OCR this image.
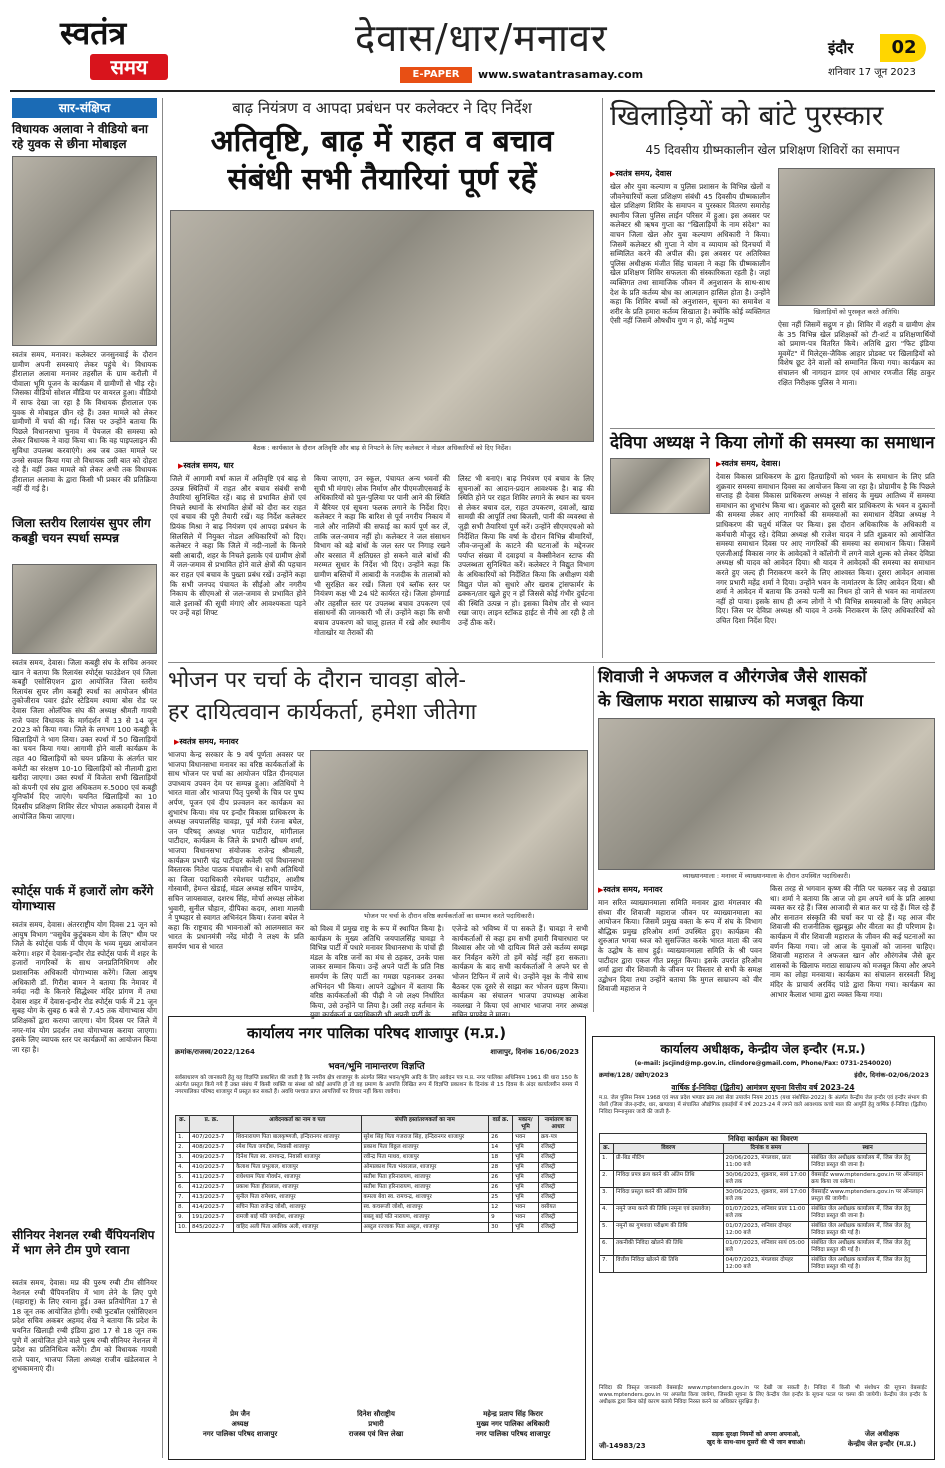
स्वतंत्र
समय
देवास/धार/मनावर
E-PAPER	www.swatantrasamay.com
इंदौर	02
शनिवार 17 जून 2023
सार-संक्षिप्त
विधायक अलावा ने वीडियो बना रहे युवक से छीना मोबाइल
स्वतंत्र समय, मनावर। कलेक्टर जनसुनवाई के दौरान ग्रामीण अपनी समस्याएं लेकर पहुंचे थे। विधायक हीरालाल अलावा मनावर तहसील के ग्राम करौली में पीवाला भूमि पूजन के कार्यक्रम में ग्रामीणों से भीड़ रहे। जिसका वीडियो सोशल मीडिया पर वायरल हुआ। वीडियो में साफ देखा जा रहा है कि विधायक हीरालाल एक युवक से मोबाइल छीन रहे हैं। उक्त मामले को लेकर ग्रामीणों में चर्चा की गई। जिस पर उन्होंने बताया कि पिछले विधानसभा चुनाव में पेयजल की समस्या को लेकर विधायक ने वादा किया था। कि वह पाइपलाइन की सुविधा उपलब्ध करवाएंगे। अब जब उक्त मामले पर उनसे सवाल किया गया तो विधायक उसी बात को दोहरा रहे हैं। वहीं उक्त मामले को लेकर अभी तक विधायक हीरालाल अलावा के द्वारा किसी भी प्रकार की प्रतिक्रिया नहीं दी गई है।
जिला स्तरीय रिलायंस सुपर लीग कबड्डी चयन स्पर्धा सम्पन्न
स्वतंत्र समय, देवास। जिला कबड्डी संघ के सचिव अनवर खान ने बताया कि रिलायंस स्पोर्ट्स फाउंडेशन एवं जिला कबड्डी एसोसिएशन द्वारा आयोजित जिला स्तरीय रिलायंस सुपर लीग कबड्डी स्पर्धा का आयोजन श्रीमंत तुकोजीराव पवार इंडोर स्टेडियम श्यामा बोस रोड पर देवास जिला ओलंपिक संघ की अध्यक्ष श्रीमती गायत्री राजे पवार विधायक के मार्गदर्शन में 13 से 14 जून 2023 को किया गया। जिले के लगभग 100 कबड्डी के खिलाड़ियों ने भाग लिया। उक्त स्पर्धा में 50 खिलाड़ियों का चयन किया गया। आगामी होने वाली कार्यक्रम के तहत 40 खिलाड़ियों को चयन प्रक्रिया के अंतर्गत चार कमेटी का संरक्षण 10-10 खिलाड़ियों को नीलामी द्वारा खरीदा जाएगा। उक्त स्पर्धा में विजेता सभी खिलाड़ियों को कंपनी एवं संघ द्वारा अधिकतम रु.5000 एवं कबड्डी यूनिफॉर्म दिए जाएंगे। चयनित खिलाड़ियों का 10 दिवसीय प्रशिक्षण शिविर सेंटर भोपाल अकादमी देवास में आयोजित किया जाएगा।
स्पोर्ट्स पार्क में हजारों लोग करेंगे योगाभ्यास
स्वतंत्र समय, देवास। अंतरराष्ट्रीय योग दिवस 21 जून को आयुष विभाग "वसुधैव कुटुंबकम योग के लिए" थीम पर जिले के स्पोर्ट्स पार्क में पीएम के भव्य मुख्य आयोजन करेगा। शहर में देवास-इन्दौर रोड स्पोर्ट्स पार्क में शहर के हजारों नागरिकों के साथ जनप्रतिनिधिगण और प्रशासनिक अधिकारी योगाभ्यास करेंगे। जिला आयुष अधिकारी डॉ. गिरीश बामन ने बताया कि नेमावर में नर्मदा नदी के किनारे सिद्धेश्वर मंदिर प्रांगण में तथा देवास शहर में देवास-इन्दौर रोड स्पोर्ट्स पार्क में 21 जून सुबह योग के सुबह 6 बजे से 7.45 तक योगाभ्यास योग प्रशिक्षकों द्वारा कराया जाएगा। योग दिवस पर जिले में नगर-गांव योग प्रदर्शन तथा योगाभ्यास कराया जाएगा। इसके लिए व्यापक स्तर पर कार्यक्रमों का आयोजन किया जा रहा है।
सीनियर नेशनल रग्बी चैंपियनशिप में भाग लेने टीम पुणे रवाना
स्वतंत्र समय, देवास। मप्र की पुरुष रग्बी टीम सीनियर नेशनल रग्बी चैंपियनशिप में भाग लेने के लिए पुणे (महाराष्ट्र) के लिए रवाना हुई। उक्त प्रतियोगिता 17 से 18 जून तक आयोजित होगी। रग्बी फुटबॉल एसोसिएशन प्रदेश सचिव अकबर अहमद शेख ने बताया कि प्रदेश के चयनित खिलाड़ी रग्बी इंडिया द्वारा 17 से 18 जून तक पुणे में आयोजित होने वाले पुरुष रग्बी सीनियर नेशनल में प्रदेश का प्रतिनिधित्व करेंगे। टीम को विधायक गायत्री राजे पवार, भाजपा जिला अध्यक्ष राजीव खंडेलवाल ने शुभकामनाएं दी।
बाढ़ नियंत्रण व आपदा प्रबंधन पर कलेक्टर ने दिए निर्देश
अतिवृष्टि, बाढ़ में राहत व बचाव
संबंधी सभी तैयारियां पूर्ण रहें
बैठक : कार्यकाल के दौरान अतिवृष्टि और बाढ़ से निपटने के लिए कलेक्टर ने नोडल अधिकारियों को दिए निर्देश।
▶ स्वतंत्र समय, धार
जिले में आगामी वर्षा काल में अतिवृष्टि एवं बाढ़ से उत्पन्न स्थितियों में राहत और बचाव संबंधी सभी तैयारियां सुनिश्चित रहें। बाढ़ से प्रभावित क्षेत्रों एवं निचले स्थानों के संभावित क्षेत्रों को दौरा कर राहत एवं बचाव की पूरी तैयारी रखें। यह निर्देश कलेक्टर प्रियंक मिश्रा ने बाढ़ नियंत्रण एवं आपदा प्रबंधन के सिलसिले में नियुक्त नोडल अधिकारियों को दिए। कलेक्टर ने कहा कि जिले में नदी-नालों के किनारे बसी आबादी, शहर के निचले इलाके एवं ग्रामीण क्षेत्रों में जल-जमाव से प्रभावित होने वाले क्षेत्रों की पहचान कर राहत एवं बचाव के पुख्ता प्रबंध रखें। उन्होंने कहा कि सभी जनपद पंचायत के सीईओ और नगरीय निकाय के सीएमओ से जल-जमाव से प्रभावित होने वाले इलाकों की सूची मंगाएं और आवश्यकता पड़ने पर उन्हें वहां शिफ्ट
किया जाएगा, उन स्कूल, पंचायत अन्य भवनों की सूची भी मंगाएं। लोक निर्माण और पीएमजीएसवाई के अधिकारियों को पुल-पुलिया पर पानी आने की स्थिति में बैरियर एवं सूचना फलक लगाने के निर्देश दिए। कलेक्टर ने कहा कि बारिश से पूर्व नगरीय निकाय में नाले और नालियों की सफाई का कार्य पूर्ण कर लें, ताकि जल-जमाव नहीं हो। कलेक्टर ने जल संसाधन विभाग को बड़े बांधों के जल स्तर पर निगाह रखने और बरसात में क्षतिग्रस्त हो सकने वाले बांधों की मरम्मत सुधार के निर्देश भी दिए। उन्होंने कहा कि ग्रामीण बस्तियों में आबादी के नजदीक के तालाबों को भी सुरक्षित कर रखें। जिला एवं ब्लॉक स्तर पर नियंत्रण कक्ष भी 24 घंटे कार्यरत रहे। जिला होमगार्ड और तहसील स्तर पर उपलब्ध बचाव उपकरण एवं संसाधनों की जानकारी भी लें। उन्होंने कहा कि सभी बचाव उपकरण को चालू हालत में रखे और स्थानीय गोताखोर या तैराकों की
लिस्ट भी बनाएं। बाढ़ नियंत्रण एवं बचाव के लिए सूचनाओं का आदान-प्रदान आवश्यक है। बाढ़ की स्थिति होने पर राहत शिविर लगाने के स्थान का चयन से लेकर बचाव दल, राहत उपकरण, दवाओं, खाद्य सामग्री की आपूर्ति तथा बिजली, पानी की व्यवस्था से जुड़ी सभी तैयारियां पूर्ण करें। उन्होंने सीएमएचओ को निर्देशित किया कि वर्षा के दौरान विभिन्न बीमारियों, जीव-जन्तुओं के काटने की घटनाओं के मद्देनजर पर्याप्त संख्या में दवाइयां व वैक्सीनेशन स्टाफ की उपलब्धता सुनिश्चित करें। कलेक्टर ने विद्युत विभाग के अधिकारियों को निर्देशित किया कि अधीक्षण यंत्री विद्युत पोल को सुधारे और खराब ट्रांसफार्मर के ढक्कन/तार खुले हुए न हों जिससे कोई गंभीर दुर्घटना की स्थिति उत्पन्न न हो। इसका विशेष तौर से ध्यान रखा जाए। लाइन स्टॉकड हाईट से नीचे आ रही है तो उन्हें ठीक करें।
खिलाड़ियों को बांटे पुरस्कार
45 दिवसीय ग्रीष्मकालीन खेल प्रशिक्षण शिविरों का समापन
▶ स्वतंत्र समय, देवास
खेल और युवा कल्याण व पुलिस प्रशासन के विभिन्न खेलों व जीवनेचारियों कला प्रशिक्षण संबंधी 45 दिवसीय ग्रीष्मकालीन खेल प्रशिक्षण शिविर के समापन व पुरस्कार वितरण समारोह स्थानीय जिला पुलिस लाईन परिसर में हुआ। इस अवसर पर कलेक्टर श्री ऋषव गुप्ता का "खिलाड़ियों के नाम संदेश" का वाचन जिला खेल और युवा कल्याण अधिकारी ने किया। जिसमें कलेक्टर श्री गुप्ता ने योग व व्यायाम को दिनचर्या में सम्मिलित करने की अपील की। इस अवसर पर अतिरिक्त पुलिस अधीक्षक मंजीत सिंह चावला ने कहा कि ग्रीष्मकालीन खेल प्रशिक्षण शिविर सफलता की संस्कारिकता रहती है। जहां व्यक्तिगत तथा सामाजिक जीवन में अनुशासन के साथ-साथ देश के प्रति कर्तव्य बोध का आत्मज्ञान हासिल होता है। उन्होंने कहा कि शिविर बच्चों को अनुशासन, सूचना का समावेश व शरीर के प्रति हमारा कर्तव्य सिखाता है। क्योंकि कोई व्यक्तिगत ऐसी नहीं जिसमें औषधीय गुण न हो, कोई मनुष्य
खिलाड़ियों को पुरस्कृत करते अतिथि।
ऐसा नहीं जिसमें सद्गुण न हो। शिविर में शहरी व ग्रामीण क्षेत्र के 35 विभिन्न खेल प्रशिक्षकों को टी-शर्ट व प्रशिक्षणार्थियों को प्रमाण-पत्र वितरित किये। अतिथि द्वारा "फिट इंडिया मूवमेंट" में मिलेट्स-जैविक आहार प्रोडक्ट पर खिलाड़ियों को विशेष छूट देने वालों को सम्मानित किया गया। कार्यक्रम का संचालन श्री नागदान डागर एवं आभार रणजीत सिंह ठाकुर रक्षित निरीक्षक पुलिस ने माना।
देविपा अध्यक्ष ने किया लोगों की समस्या का समाधान
▶ स्वतंत्र समय, देवास।
देवास विकास प्राधिकरण के द्वारा हितग्राहियों को भवन के समाधान के लिए प्रति शुक्रवार समस्या समाधान दिवस का आयोजन किया जा रहा है। प्रोग्रामीय है कि पिछले सप्ताह ही देवास विकास प्राधिकरण अध्यक्ष ने सांसद के मुख्य आतिथ्य में समस्या समाधान का शुभारंभ किया था। शुक्रवार को दूसरी बार प्राधिकरण के भवन व दुकानों की समस्या लेकर आए नागरिकों की समस्याओं का समाधान देविप्रा अध्यक्ष ने प्राधिकरण की चतुर्थ मंजिल पर किया। इस दौरान अधिकारिक के अधिकारी व कर्मचारी मौजूद रहे। देविप्रा अध्यक्ष श्री राजेश यादव ने प्रति शुक्रवार को आयोजित समस्या समाधान दिवस पर आए नागरिकों की समस्या का समाधान किया। जिसमें एलजीआई विकास नगर के आवेदकों ने कॉलोनी में लगने वाले शुल्क को लेकर देविप्रा अध्यक्ष श्री यादव को आवेदन दिया। श्री यादव ने आवेदकों की समस्या का समाधान करते हुए जल्द ही निराकरण करने के लिए आश्वस्त किया। दूसरा आवेदन आवास नगर प्रभारी महेंद्र शर्मा ने दिया। उन्होंने भवन के नामांतरण के लिए आवेदन दिया। श्री शर्मा ने आवेदन में बताया कि उनको पत्नी का निधन हो जाने से भवन का नामांतरण नहीं हो पाया। इसके साथ ही अन्य लोगों ने भी विभिन्न समस्याओं के लिए आवेदन दिए। जिस पर देविप्रा अध्यक्ष श्री यादव ने उनके निराकरण के लिए अधिकारियों को उचित दिशा निर्देश दिए।
भोजन पर चर्चा के दौरान चावड़ा बोले-
हर दायित्ववान कार्यकर्ता, हमेशा जीतेगा
▶ स्वतंत्र समय, मनावर
भाजपा केन्द्र सरकार के 9 वर्ष पूर्णता अवसर पर भाजपा विधानसभा मनावर का वरिष्ठ कार्यकर्ताओं के साथ भोजन पर चर्चा का आयोजन पंडित दीनदयाल उपाध्याय उपवन देम पर सम्पन्न हुआ। अतिथियों ने भारत माता और भाजपा पितृ पुरुषों के चित्र पर पुष्प अर्पण, पूजन एवं दीप प्रज्वलन कर कार्यक्रम का शुभारंभ किया। मंच पर इन्दौर विकास प्राधिकरण के अध्यक्ष जयपालसिंह चावड़ा, पूर्व मंत्री रंजना बघेल, जन परिषद् अध्यक्ष भगत पाटीदार, मांगीलाल पाटीदार, कार्यक्रम के जिले के प्रभारी खीचम शर्मा, भाजपा विधानसभा संयोजक राजेन्द्र श्रीमाली, कार्यक्रम प्रभारी चंद्र पाटीदार कवेली एवं विधानसभा विस्तारक नितेश पाठक मंचासीन थे। सभी अतिथियों का जिला पदाधिकारी रमेशचर पाटीदार, आशीष गोस्वामी, हेमन्त खेडाई, मंडल अध्यक्ष सचिन पाण्डेय, सचिन जायसवाल, दशरथ सिंह, मोर्चा अध्यक्ष लोकेश भुवारी, सुनील चौहान, दीपिका कदम, आशा मालवी ने पुष्पहार से स्वागत अभिनंदन किया। रंजना बघेल ने कहा कि राष्ट्रवाद की भावनाओं को आलमसात कर भारत के प्रधानमंत्री नरेंद्र मोदी ने लक्ष्य के प्रति समर्पण भाव से भारत
भोजन पर चर्चा के दौरान वरिष्ठ कार्यकर्ताओं का सम्मान करते पदाधिकारी।
को विश्व में प्रमुख राष्ट्र के रूप में स्थापित किया है। कार्यक्रम के मुख्य अतिथि जयपालसिंह चावड़ा ने विभिन्न पार्टी में पधारे मनावर विधानसभा के पांचों ही मंडल के वरिष्ठ जनों का मंच से ठहकर, उनके पास जाकर सम्मान किया। उन्हें अपने पार्टी के प्रति निष्ठ समर्पण के लिए पार्टी का गमछा पहनाकर उनका अभिनंदन भी किया। आपने उद्बोधन में बताया कि वरिष्ठ कार्यकर्ताओं की पीढ़ी ने जो लक्ष्य निर्धारित किया, उसे उन्होंने पा लिया है। उसी तरह वर्तमान के युवा कार्यकर्ता व पदाधिकारी भी अपनी पार्टी के
एजेन्डे को भविष्य में पा सकते हैं। चावड़ा ने सभी कार्यकर्ताओं से कहा हम सभी हमारी विचारधारा पर विश्वास और जो भी दायित्व मिले उसे कर्तव्य समझ कर निर्वहन करेंगे तो हमें कोई नहीं हरा सकता। कार्यक्रम के बाद सभी कार्यकर्ताओं ने अपने घर से भोजन टिफिन में लाये थे। उन्होंने वृक्ष के नीचे साथ बैठकर एक दूसरे से साझा कर भोजन ग्रहण किया। कार्यक्रम का संचालन भाजपा उपाध्यक्ष आकेश नवलखा ने किया एवं आभार भाजपा नगर अध्यक्ष सचिन पाण्डेय ने माना।
शिवाजी ने अफजल व औरंगजेब जैसे शासकों
के खिलाफ मराठा साम्राज्य को मजबूत किया
व्याख्यानमाला : मनावर में व्याख्यानमाला के दौरान उपस्थित पदाधिकारी।
▶ स्वतंत्र समय, मनावर
मान सरित व्याख्यानमाला समिति मनावर द्वारा मंगलवार की संध्या वीर शिवाजी महाराज जीवन पर व्याख्यानमाला का आयोजन किया। जिसमें प्रमुख वक्ता के रूप में संघ के विभाग बौद्धिक प्रमुख हरिओम शर्मा उपस्थित हुए। कार्यक्रम की शुरुआत भगवा ध्वज को सुसज्जित करके भारत माता की जय के उद्घोष के साथ हुई। व्याख्यानमाला समिति के श्री पवन पाटीदार द्वारा एकल गीत प्रस्तुत किया। इसके उपरांत हरिओम शर्मा द्वारा वीर शिवाजी के जीवन पर विस्तार से सभी के समक्ष उद्बोधन दिया तथा उन्होंने बताया कि मुगल साम्राज्य को वीर शिवाजी महाराज ने
किस तरह से भगवान कृष्ण की नीति पर चलकर जड़ से उखाड़ा था। शर्मा ने बताया कि आज जो हम अपने धर्म के प्रति आस्था व्यक्त कर रहे हैं। जिस आजादी से बात कर पा रहे हैं। मिल रहे हैं और सनातन संस्कृति की चर्चा कर पा रहे हैं। यह आज वीर शिवाजी की राजनीतिक सूझबूझ और वीरता का ही परिणाम है। कार्यक्रम में वीर शिवाजी महाराज के जीवन की कई घटनाओं का वर्णन किया गया। जो आज के युवाओं को जानना चाहिए। शिवाजी महाराज ने अफजल खान और औरंगजेब जैसे क्रूर शासकों के खिलाफ मराठा साम्राज्य को मजबूत किया और अपने नाम का लोहा मनवाया। कार्यक्रम का संचालन सरस्वती शिशु मंदिर के प्राचार्य अरविंद पांडे द्वारा किया गया। कार्यक्रम का आभार कैलाश भामा द्वारा व्यक्त किया गया।
कार्यालय नगर पालिका परिषद शाजापुर (म.प्र.)
क्रमांक/राजस्व/2022/1264	शाजापुर, दिनांक 16/06/2023
भवन/भूमि नामान्तरण विज्ञप्ति
सर्वसाधारण को जानकारी हेतु यह विज्ञप्ति प्रकाशित की जाती है कि नगरीय क्षेत्र शाजापुर के अंतर्गत स्थित भवन/भूमि आदि के लिए आवेदन पत्र म.प्र. नगर पालिका अधिनियम 1961 की धारा 150 के अंतर्गत प्रस्तुत किये गये हैं उक्त संबंध में किसी व्यक्ति या संस्था को कोई आपत्ति हो तो वह प्रमाण के आपत्ति लिखित रूप में विज्ञप्ति प्रकाशन के दिनांक से 15 दिवस के अंदर कार्यालयीन समय में नगरपालिका परिषद शाजापुर में प्रस्तुत कर सकते हैं। अवधि पश्चात प्राप्त आपत्तियों पर विचार नहीं किया जावेगा।
क्र.	प्र. क्र.	आवेदनकर्ता का नाम व पता	संपत्ति हस्तांतरणकर्ता का नाम	वार्ड क्र.	मकान/भूमि	नामांतरण का आधार
1.	407/2023-7	शिवनारायण पिता बालकृष्णजी, इन्दिरानगर शाजापुर	सुरेश सिंह पिता गजराज सिंह, इन्दिरानगर शाजापुर	26	भवन	क्रय-पत्र
2.	408/2023-7	रमेश पिता जगदीश, निवासी शाजापुर	प्रकाश पिता विठ्ठल शाजापुर	14	भूमि	रजिस्ट्री
3.	409/2023-7	दिनेश पिता स्व. रामचन्द्र, निवासी शाजापुर	रवीन्द्र पिता माधव, शाजापुर	18	भूमि	रजिस्ट्री
4.	410/2023-7	कैलाश पिता प्रभुलाल, शाजापुर	ओमप्रकाश पिता भंवरलाल, शाजापुर	28	भूमि	रजिस्ट्री
5.	411/2023-7	राधेश्याम पिता गोवर्धन, शाजापुर	सतीश पिता हरिनारायण, शाजापुर	26	भूमि	रजिस्ट्री
6.	412/2023-7	प्रकाश पिता हीरालाल, शाजापुर	सतीश पिता हरिनारायण, शाजापुर	26	भूमि	रजिस्ट्री
7.	413/2023-7	सुनील पिता रामेश्वर, शाजापुर	कमला बेवा स्व. रामचन्द्र, शाजापुर	25	भूमि	रजिस्ट्री
8.	414/2023-7	सचिन पिता राजेन्द्र जोशी, शाजापुर	स्व. कचरूजी जोशी, शाजापुर	12	भवन	वसीयत
9.	191/2023-7	रामजी बाई पति जगदीश, शाजापुर	बबलू बाई पति नारायण, शाजापुर	9	भवन	रजिस्ट्री
10.	845/2022-7	वाहिद अली पिता आशिक अली, शाजापुर	अब्दुल रज्जाक पिता अब्दुल, शाजापुर	30	भूमि	रजिस्ट्री
प्रेम जैन
अध्यक्ष
नगर पालिका परिषद शाजापुर
दिनेश सौराष्ट्रीय
प्रभारी
राजस्व एवं वित्त लेखा
महेन्द्र प्रताप सिंह किरार
मुख्य नगर पालिका अधिकारी
नगर पालिका परिषद शाजापुर
कार्यालय अधीक्षक, केन्द्रीय जेल इन्दौर (म.प्र.)
(e-mail: jscjind@mp.gov.in, clindore@gmail.com, Phone/Fax: 0731-2540020)
क्रमांक/128/ उद्योग/2023	इंदौर, दिनांक-02/06/2023
वार्षिक ई-निविदा (द्वितीय) आमंत्रण सूचना वित्तीय वर्ष 2023-24
म.प्र. जेल पुलिस नियम 1968 एवं मध्य प्रदेश भण्डार क्रय तथा सेवा उपार्जन नियम 2015 (यथा संशोधित-2022) के अंतर्गत केन्द्रीय जेल इन्दौर एवं इन्दौर संभाग की जेलों (जिला जेल-इन्दौर, धार, खण्डवा) में संचालित औद्योगिक इकाईयों में वर्ष 2023-24 में लगने वाले आवश्यक कच्चे माल की आपूर्ति हेतु वार्षिक ई-निविदा (द्वितीय) निविदा निम्नानुसार जारी की जाती है-
निविदा कार्यक्रम का विवरण
क्र.	विवरण	दिनांक व समय	स्थान
1.	प्री-बिड मीटिंग	20/06/2023, मंगलवार, प्रातः 11:00 बजे	संबंधित जेल अधीक्षक कार्यालय में, जिस जेल हेतु निविदा प्रस्तुत की जाना है।
2.	निविदा प्रपत्र क्रय करने की अंतिम तिथि	30/06/2023, शुक्रवार, सायं 17:00 बजे तक	वेबसाईट www.mptenders.gov.in पर ऑनलाइन क्रय किया जा सकेगा।
3.	निविदा प्रस्तुत करने की अंतिम तिथि	30/06/2023, शुक्रवार, सायं 17:00 बजे तक	वेबसाईट www.mptenders.gov.in पर ऑनलाइन प्रस्तुत की जायेगी।
4.	नमूने जमा करने की तिथि (नमूना एवं दस्तावेज)	01/07/2023, शनिवार प्रातः 11:00 बजे तक	संबंधित जेल अधीक्षक कार्यालय में, जिस जेल हेतु निविदा प्रस्तुत की जाना है।
5.	नमूनों का गुणवत्ता परीक्षण की तिथि	01/07/2023, शनिवार दोपहर 12:00 बजे	संबंधित जेल अधीक्षक कार्यालय में, जिस जेल हेतु निविदा प्रस्तुत की गई है।
6.	तकनीकी निविदा खोलने की तिथि	01/07/2023, शनिवार सायं 05:00 बजे	संबंधित जेल अधीक्षक कार्यालय में, जिस जेल हेतु निविदा प्रस्तुत की गई है।
7.	वित्तीय निविदा खोलने की तिथि	04/07/2023, मंगलवार दोपहर 12:00 बजे	संबंधित जेल अधीक्षक कार्यालय में, जिस जेल हेतु निविदा प्रस्तुत की गई है।
निविदा की विस्तृत जानकारी वेबसाईट www.mptenders.gov.in पर देखी जा सकती है। निविदा में किसी भी संशोधन की सूचना वेबसाईट www.mptenders.gov.in पर अपलोड किया जायेगा, जिसकी सूचना के लिए केन्द्रीय जेल इन्दौर के सूचना पटल पर चस्पा की जायेगी। केन्द्रीय जेल इन्दौर के अधीक्षक द्वारा बिना कोई कारण बताये निविदा निरस्त करने का अधिकार सुरक्षित है।
जी-14983/23
सड़क सुरक्षा नियमों को अपना अपनाओ,
खुद के साथ-साथ दूसरों की भी जान बचाओ।
जेल अधीक्षक
केन्द्रीय जेल इन्दौर (म.प्र.)
